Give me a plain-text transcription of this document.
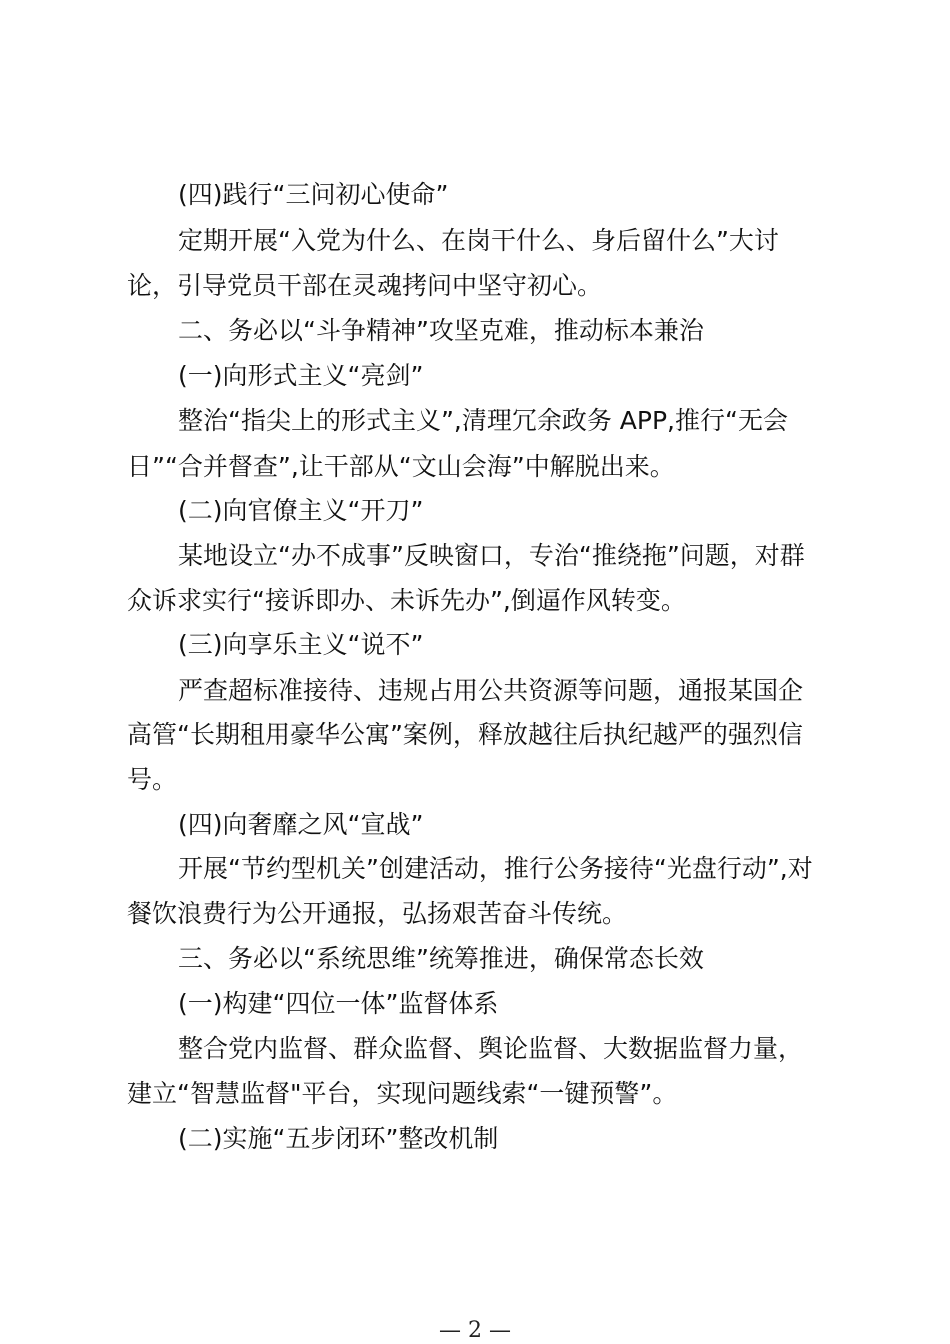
(四)践行“三问初心使命”
定期开展“入党为什么、在岗干什么、身后留什么”大讨
论，引导党员干部在灵魂拷问中坚守初心。
二、务必以“斗争精神”攻坚克难，推动标本兼治
(一)向形式主义“亮剑”
整治“指尖上的形式主义”,清理冗余政务 APP,推行“无会
日”“合并督查”,让干部从“文山会海”中解脱出来。
(二)向官僚主义“开刀”
某地设立“办不成事”反映窗口，专治“推绕拖”问题，对群
众诉求实行“接诉即办、未诉先办”,倒逼作风转变。
(三)向享乐主义“说不”
严查超标准接待、违规占用公共资源等问题，通报某国企
高管“长期租用豪华公寓”案例，释放越往后执纪越严的强烈信
号。
(四)向奢靡之风“宣战”
开展“节约型机关”创建活动，推行公务接待“光盘行动”,对
餐饮浪费行为公开通报，弘扬艰苦奋斗传统。
三、务必以“系统思维”统筹推进，确保常态长效
(一)构建“四位一体”监督体系
整合党内监督、群众监督、舆论监督、大数据监督力量，
建立“智慧监督"平台，实现问题线索“一键预警”。
(二)实施“五步闭环”整改机制
— 2 —
